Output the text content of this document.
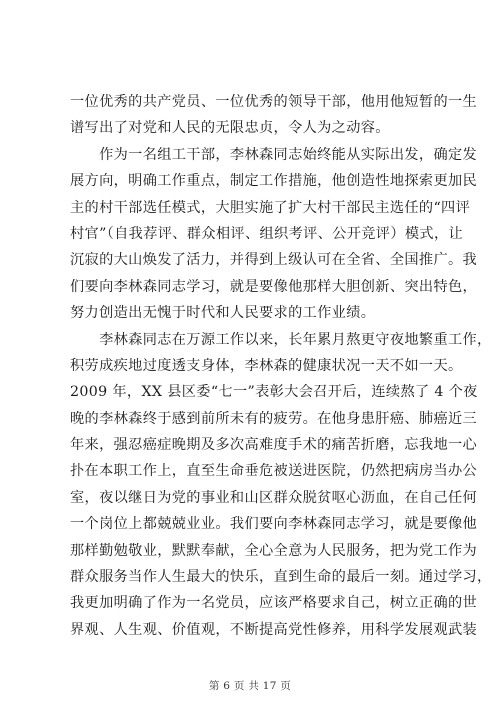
一位优秀的共产党员、一位优秀的领导干部，他用他短暂的一生
谱写出了对党和人民的无限忠贞，令人为之动容。
　　作为一名组工干部，李林森同志始终能从实际出发，确定发
展方向，明确工作重点，制定工作措施，他创造性地探索更加民
主的村干部选任模式，大胆实施了扩大村干部民主选任的“四评
村官”（自我荐评、群众相评、组织考评、公开竞评）模式，让
沉寂的大山焕发了活力，并得到上级认可在全省、全国推广。我
们要向李林森同志学习，就是要像他那样大胆创新、突出特色，
努力创造出无愧于时代和人民要求的工作业绩。
　　李林森同志在万源工作以来，长年累月熬更守夜地繁重工作，
积劳成疾地过度透支身体，李林森的健康状况一天不如一天。
2009 年，XX 县区委“七一”表彰大会召开后，连续熬了 4 个夜
晚的李林森终于感到前所未有的疲劳。在他身患肝癌、肺癌近三
年来，强忍癌症晚期及多次高难度手术的痛苦折磨，忘我地一心
扑在本职工作上，直至生命垂危被送进医院，仍然把病房当办公
室，夜以继日为党的事业和山区群众脱贫呕心沥血，在自己任何
一个岗位上都兢兢业业。我们要向李林森同志学习，就是要像他
那样勤勉敬业，默默奉献，全心全意为人民服务，把为党工作为
群众服务当作人生最大的快乐，直到生命的最后一刻。通过学习，
我更加明确了作为一名党员，应该严格要求自己，树立正确的世
界观、人生观、价值观，不断提高党性修养，用科学发展观武装
第 6 页 共 17 页
